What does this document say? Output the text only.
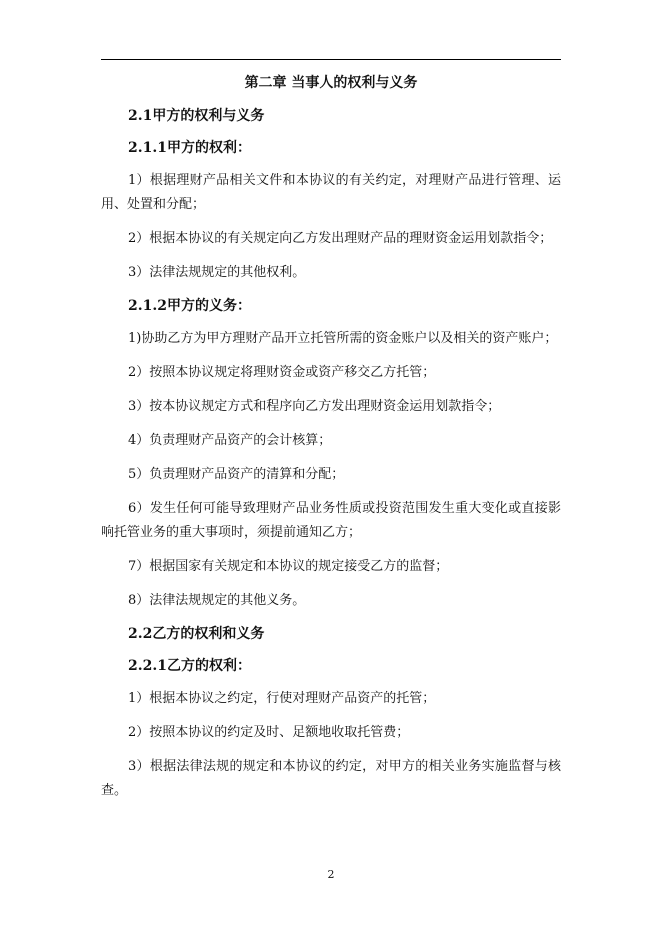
第二章 当事人的权利与义务
2.1甲方的权利与义务
2.1.1甲方的权利：
1）根据理财产品相关文件和本协议的有关约定，对理财产品进行管理、运用、处置和分配；
2）根据本协议的有关规定向乙方发出理财产品的理财资金运用划款指令；
3）法律法规规定的其他权利。
2.1.2甲方的义务：
1)协助乙方为甲方理财产品开立托管所需的资金账户以及相关的资产账户；
2）按照本协议规定将理财资金或资产移交乙方托管；
3）按本协议规定方式和程序向乙方发出理财资金运用划款指令；
4）负责理财产品资产的会计核算；
5）负责理财产品资产的清算和分配；
6）发生任何可能导致理财产品业务性质或投资范围发生重大变化或直接影响托管业务的重大事项时，须提前通知乙方；
7）根据国家有关规定和本协议的规定接受乙方的监督；
8）法律法规规定的其他义务。
2.2乙方的权利和义务
2.2.1乙方的权利：
1）根据本协议之约定，行使对理财产品资产的托管；
2）按照本协议的约定及时、足额地收取托管费；
3）根据法律法规的规定和本协议的约定，对甲方的相关业务实施监督与核查。
2
